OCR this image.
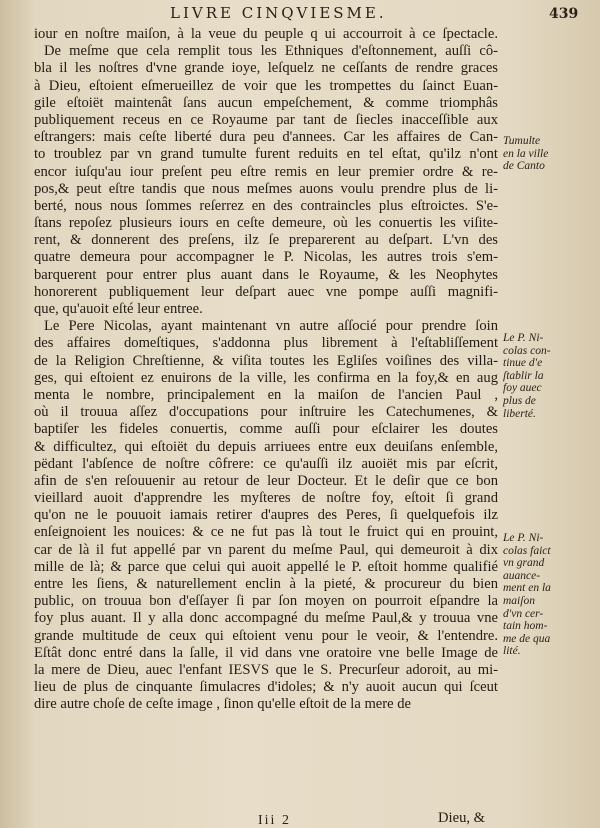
LIVRE CINQVIESME.	439
iour en noſtre maiſon, à la veue du peuple q ui accourroit à ce ſpectacle.
De meſme que cela remplit tous les Ethniques d'eſtonnement, auſſi cô-
bla il les noſtres d'vne grande ioye, leſquelz ne ceſſants de rendre graces
à Dieu, eſtoient eſmerueillez de voir que les trompettes du ſainct Euan-
gile eſtoiët maintenât ſans aucun empeſchement, & comme triomphâs
publiquement receus en ce Royaume par tant de ſiecles inacceſſible aux
eſtrangers: mais ceſte liberté dura peu d'annees. Car les affaires de Can-
to troublez par vn grand tumulte furent reduits en tel eſtat, qu'ilz n'ont
encor iuſqu'au iour preſent peu eſtre remis en leur premier ordre & re-
pos,& peut eſtre tandis que nous meſmes auons voulu prendre plus de li-
berté, nous nous ſommes reſerrez en des contraincles plus eſtroictes. S'e-
ſtans repoſez plusieurs iours en ceſte demeure, où les conuertis les viſite-
rent, & donnerent des preſens, ilz ſe preparerent au deſpart. L'vn des
quatre demeura pour accompagner le P. Nicolas, les autres trois s'em-
barquerent pour entrer plus auant dans le Royaume, & les Neophytes
honorerent publiquement leur deſpart auec vne pompe auſſi magnifi-
que, qu'auoit eſté leur entree.
Le Pere Nicolas, ayant maintenant vn autre aſſocié pour prendre ſoin
des affaires domeſtiques, s'addonna plus librement à l'eſtabliſſement
de la Religion Chreſtienne, & viſita toutes les Egliſes voiſines des villa-
ges, qui eſtoient ez enuirons de la ville, les confirma en la foy,& en aug
menta le nombre, principalement en la maiſon de l'ancien Paul ,
où il trouua aſſez d'occupations pour inſtruire les Catechumenes, &
baptiſer les fideles conuertis, comme auſſi pour eſclairer les doutes
& difficultez, qui eſtoiët du depuis arriuees entre eux deuiſans enſemble,
pëdant l'abſence de noſtre côfrere: ce qu'auſſi ilz auoiët mis par eſcrit,
afin de s'en reſouuenir au retour de leur Docteur. Et le deſir que ce bon
vieillard auoit d'apprendre les myſteres de noſtre foy, eſtoit ſi grand
qu'on ne le pouuoit iamais retirer d'aupres des Peres, ſi quelquefois ilz
enſeignoient les nouices: & ce ne fut pas là tout le fruict qui en prouint,
car de là il fut appellé par vn parent du meſme Paul, qui demeuroit à dix
mille de là; & parce que celui qui auoit appellé le P. eſtoit homme qualifié
entre les ſiens, & naturellement enclin à la pieté, & procureur du bien
public, on trouua bon d'eſſayer ſi par ſon moyen on pourroit eſpandre la
foy plus auant. Il y alla donc accompagné du meſme Paul,& y trouua vne
grande multitude de ceux qui eſtoient venu pour le veoir, & l'entendre.
Eſtât donc entré dans la ſalle, il vid dans vne oratoire vne belle Image de
la mere de Dieu, auec l'enfant IESVS que le S. Precurſeur adoroit, au mi-
lieu de plus de cinquante ſimulacres d'idoles; & n'y auoit aucun qui ſceut
dire autre choſe de ceſte image , ſinon qu'elle eſtoit de la mere de
Tumulte
en la ville
de Canto
Le P. Ni-
colas con-
tinue d'e
ſtablir la
foy auec
plus de
liberté.
Le P. Ni-
colas faict
vn grand
auance-
ment en la
maiſon
d'vn cer-
tain hom-
me de qua
lité.
Iii 2	Dieu, &
